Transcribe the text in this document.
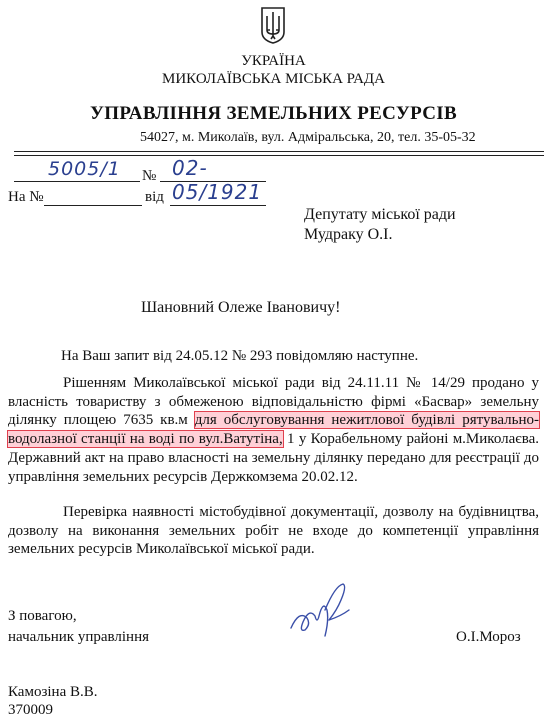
УКРАЇНА
МИКОЛАЇВСЬКА МІСЬКА РАДА
УПРАВЛІННЯ ЗЕМЕЛЬНИХ РЕСУРСІВ
54027, м. Миколаїв, вул. Адміральська, 20, тел. 35-05-32
5005/1 № 02-05/1921
На №	від
Депутату міської ради
Мудраку О.І.
Шановний Олеже Івановичу!

На Ваш запит від 24.05.12 № 293 повідомляю наступне.

Рішенням Миколаївської міської ради від 24.11.11 № 14/29 продано у власність товариству з обмеженою відповідальністю фірмі «Басвар» земельну ділянку площею 7635 кв.м для обслуговування нежитлової будівлі рятувально-водолазної станції на воді по вул.Ватутіна, 1 у Корабельному районі м.Миколаєва. Державний акт на право власності на земельну ділянку передано для реєстрації до управління земельних ресурсів Держкомзема 20.02.12.

Перевірка наявності містобудівної документації, дозволу на будівництва, дозволу на виконання земельних робіт не входе до компетенції управління земельних ресурсів Миколаївської міської ради.

З повагою,
начальник управління	О.І.Мороз
Камозіна В.В.
370009
